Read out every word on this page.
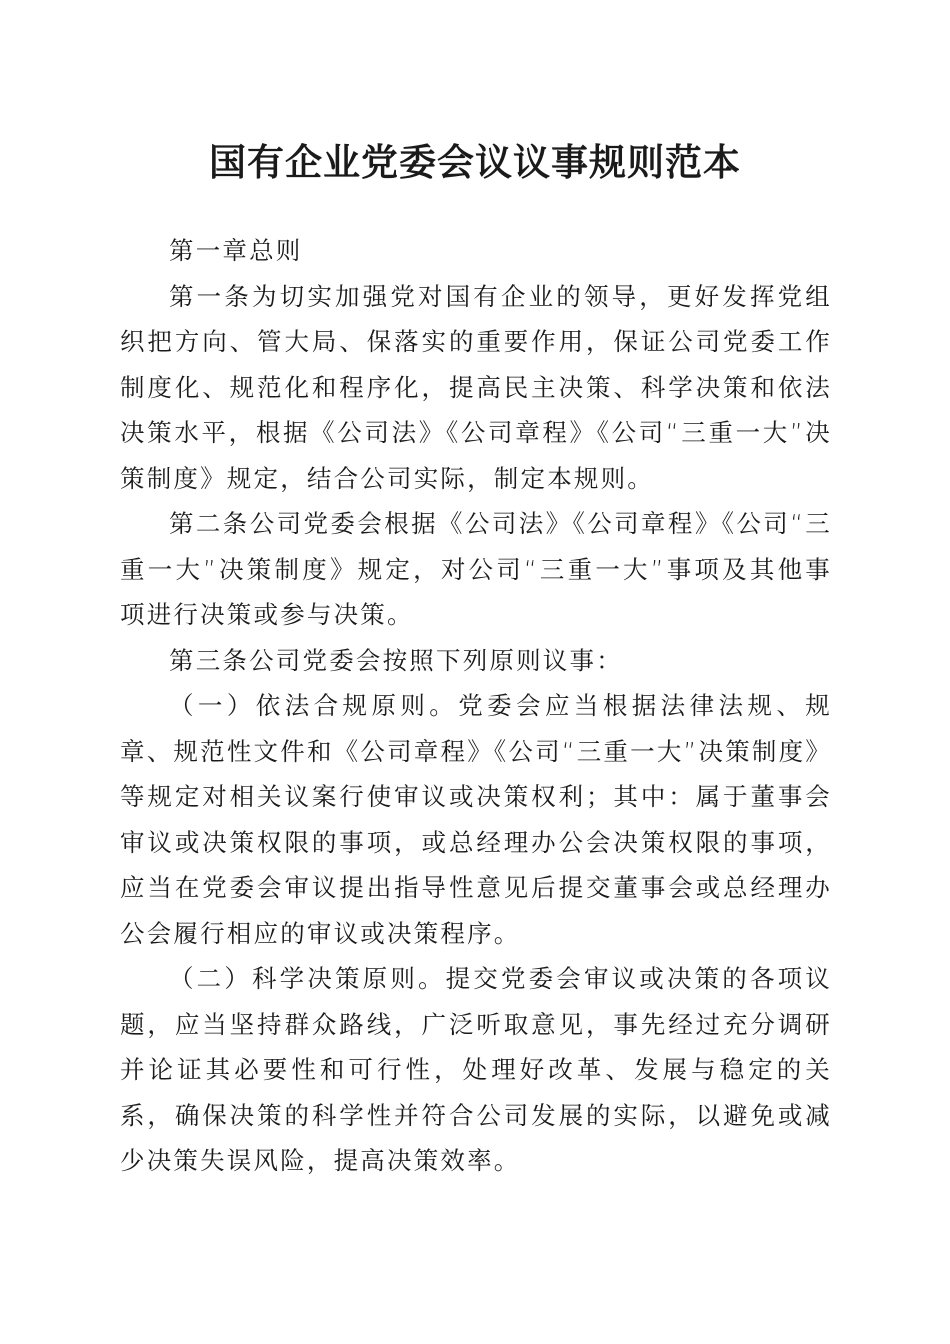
国有企业党委会议议事规则范本

第一章总则

第一条为切实加强党对国有企业的领导，更好发挥党组织把方向、管大局、保落实的重要作用，保证公司党委工作制度化、规范化和程序化，提高民主决策、科学决策和依法决策水平，根据《公司法》《公司章程》《公司“三重一大”决策制度》规定，结合公司实际，制定本规则。

第二条公司党委会根据《公司法》《公司章程》《公司“三重一大”决策制度》规定，对公司“三重一大”事项及其他事项进行决策或参与决策。

第三条公司党委会按照下列原则议事：

（一）依法合规原则。党委会应当根据法律法规、规章、规范性文件和《公司章程》《公司“三重一大”决策制度》等规定对相关议案行使审议或决策权利；其中：属于董事会审议或决策权限的事项，或总经理办公会决策权限的事项，应当在党委会审议提出指导性意见后提交董事会或总经理办公会履行相应的审议或决策程序。

（二）科学决策原则。提交党委会审议或决策的各项议题，应当坚持群众路线，广泛听取意见，事先经过充分调研并论证其必要性和可行性，处理好改革、发展与稳定的关系，确保决策的科学性并符合公司发展的实际，以避免或减少决策失误风险，提高决策效率。
